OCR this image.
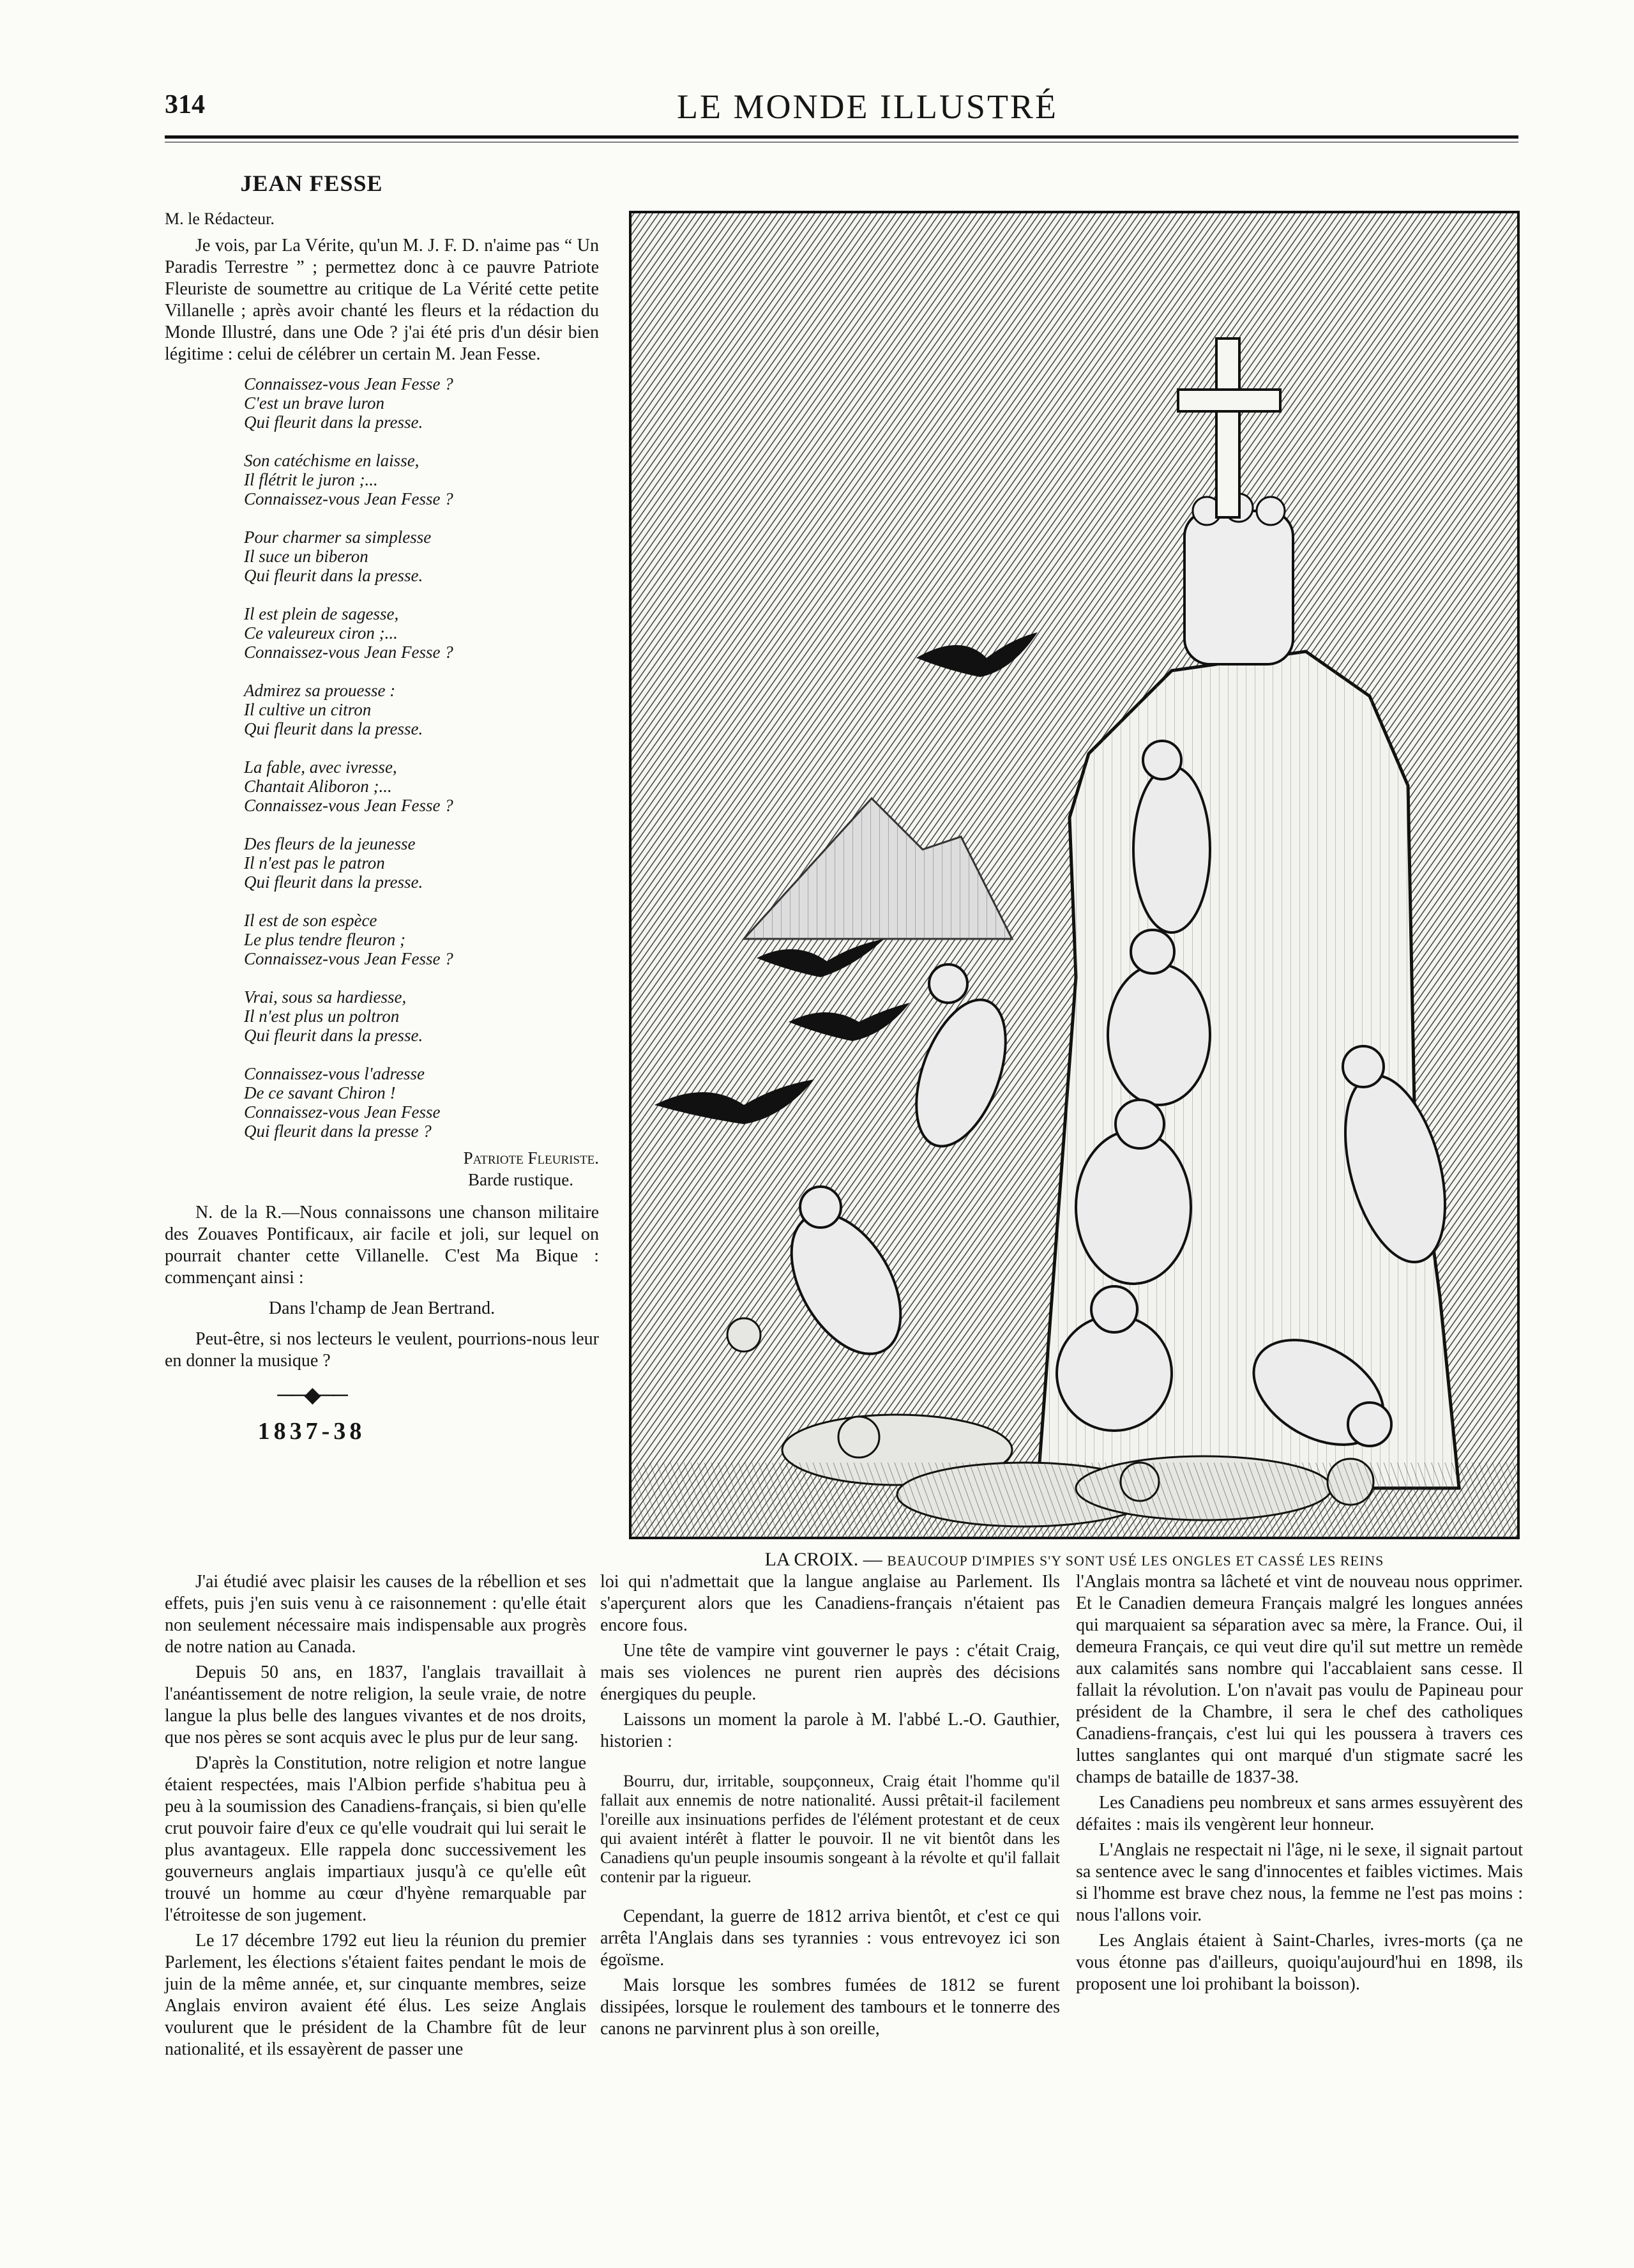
314	LE MONDE ILLUSTRÉ
JEAN FESSE
M. le Rédacteur.

Je vois, par La Vérite, qu'un M. J. F. D. n'aime pas “ Un Paradis Terrestre ” ; permettez donc à ce pauvre Patriote Fleuriste de soumettre au critique de La Vérité cette petite Villanelle ; après avoir chanté les fleurs et la rédaction du Monde Illustré, dans une Ode ? j'ai été pris d'un désir bien légitime : celui de célébrer un certain M. Jean Fesse.

Connaissez-vous Jean Fesse ?
C'est un brave luron
Qui fleurit dans la presse.
Son catéchisme en laisse,
Il flétrit le juron ;...
Connaissez-vous Jean Fesse ?
Pour charmer sa simplesse
Il suce un biberon
Qui fleurit dans la presse.
Il est plein de sagesse,
Ce valeureux ciron ;...
Connaissez-vous Jean Fesse ?
Admirez sa prouesse :
Il cultive un citron
Qui fleurit dans la presse.
La fable, avec ivresse,
Chantait Aliboron ;...
Connaissez-vous Jean Fesse ?
Des fleurs de la jeunesse
Il n'est pas le patron
Qui fleurit dans la presse.
Il est de son espèce
Le plus tendre fleuron ;
Connaissez-vous Jean Fesse ?
Vrai, sous sa hardiesse,
Il n'est plus un poltron
Qui fleurit dans la presse.
Connaissez-vous l'adresse
De ce savant Chiron !
Connaissez-vous Jean Fesse
Qui fleurit dans la presse ?
Patriote Fleuriste.
Barde rustique.

N. de la R.—Nous connaissons une chanson militaire des Zouaves Pontificaux, air facile et joli, sur lequel on pourrait chanter cette Villanelle. C'est Ma Bique : commençant ainsi :

Dans l'champ de Jean Bertrand.

Peut-être, si nos lecteurs le veulent, pourrions-nous leur en donner la musique ?

──◆──
1837-38
LA CROIX. — BEAUCOUP D'IMPIES S'Y SONT USÉ LES ONGLES ET CASSÉ LES REINS

J'ai étudié avec plaisir les causes de la rébellion et ses effets, puis j'en suis venu à ce raisonnement : qu'elle était non seulement nécessaire mais indispensable aux progrès de notre nation au Canada.

Depuis 50 ans, en 1837, l'anglais travaillait à l'anéantissement de notre religion, la seule vraie, de notre langue la plus belle des langues vivantes et de nos droits, que nos pères se sont acquis avec le plus pur de leur sang.

D'après la Constitution, notre religion et notre langue étaient respectées, mais l'Albion perfide s'habitua peu à peu à la soumission des Canadiens-français, si bien qu'elle crut pouvoir faire d'eux ce qu'elle voudrait qui lui serait le plus avantageux. Elle rappela donc successivement les gouverneurs anglais impartiaux jusqu'à ce qu'elle eût trouvé un homme au cœur d'hyène remarquable par l'étroitesse de son jugement.

Le 17 décembre 1792 eut lieu la réunion du premier Parlement, les élections s'étaient faites pendant le mois de juin de la même année, et, sur cinquante membres, seize Anglais environ avaient été élus. Les seize Anglais voulurent que le président de la Chambre fût de leur nationalité, et ils essayèrent de passer une

loi qui n'admettait que la langue anglaise au Parlement. Ils s'aperçurent alors que les Canadiens-français n'étaient pas encore fous.

Une tête de vampire vint gouverner le pays : c'était Craig, mais ses violences ne purent rien auprès des décisions énergiques du peuple.

Laissons un moment la parole à M. l'abbé L.-O. Gauthier, historien :

Bourru, dur, irritable, soupçonneux, Craig était l'homme qu'il fallait aux ennemis de notre nationalité. Aussi prêtait-il facilement l'oreille aux insinuations perfides de l'élément protestant et de ceux qui avaient intérêt à flatter le pouvoir. Il ne vit bientôt dans les Canadiens qu'un peuple insoumis songeant à la révolte et qu'il fallait contenir par la rigueur.

Cependant, la guerre de 1812 arriva bientôt, et c'est ce qui arrêta l'Anglais dans ses tyrannies : vous entrevoyez ici son égoïsme.

Mais lorsque les sombres fumées de 1812 se furent dissipées, lorsque le roulement des tambours et le tonnerre des canons ne parvinrent plus à son oreille,

l'Anglais montra sa lâcheté et vint de nouveau nous opprimer. Et le Canadien demeura Français malgré les longues années qui marquaient sa séparation avec sa mère, la France. Oui, il demeura Français, ce qui veut dire qu'il sut mettre un remède aux calamités sans nombre qui l'accablaient sans cesse. Il fallait la révolution. L'on n'avait pas voulu de Papineau pour président de la Chambre, il sera le chef des catholiques Canadiens-français, c'est lui qui les poussera à travers ces luttes sanglantes qui ont marqué d'un stigmate sacré les champs de bataille de 1837-38.

Les Canadiens peu nombreux et sans armes essuyèrent des défaites : mais ils vengèrent leur honneur.

L'Anglais ne respectait ni l'âge, ni le sexe, il signait partout sa sentence avec le sang d'innocentes et faibles victimes. Mais si l'homme est brave chez nous, la femme ne l'est pas moins : nous l'allons voir.

Les Anglais étaient à Saint-Charles, ivres-morts (ça ne vous étonne pas d'ailleurs, quoiqu'aujourd'hui en 1898, ils proposent une loi prohibant la boisson).
